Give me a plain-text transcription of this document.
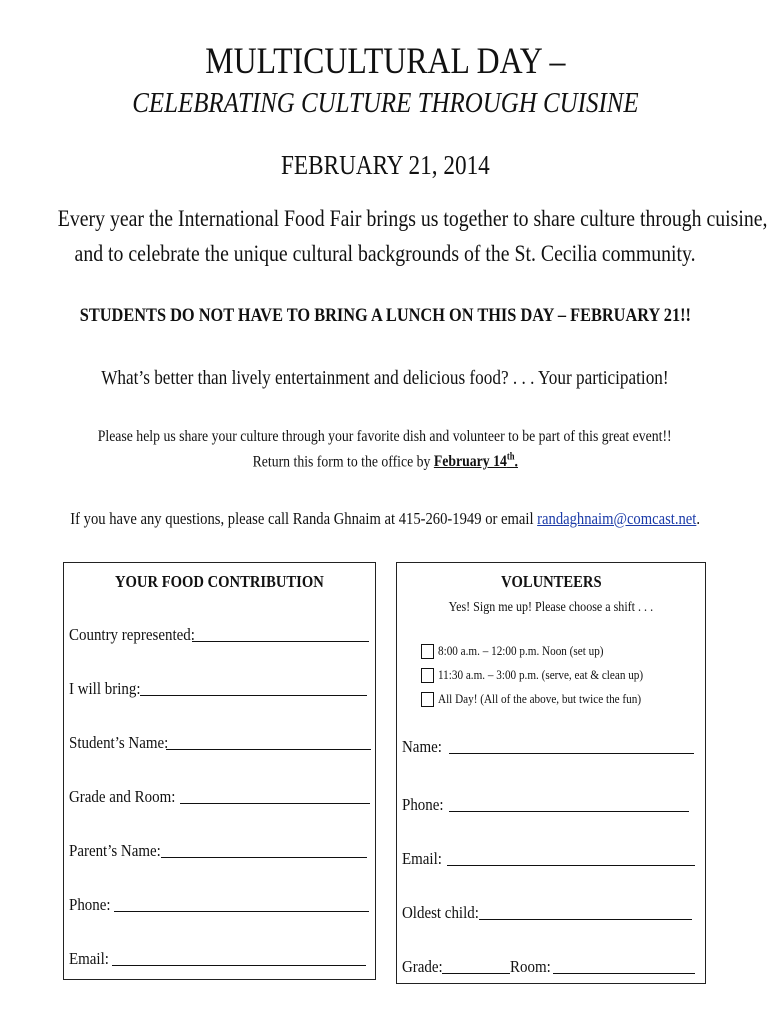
MULTICULTURAL DAY –
CELEBRATING CULTURE THROUGH CUISINE
FEBRUARY 21, 2014
Every year the International Food Fair brings us together to share culture through cuisine,
and to celebrate the unique cultural backgrounds of the St. Cecilia community.
STUDENTS DO NOT HAVE TO BRING A LUNCH ON THIS DAY – FEBRUARY 21!!
What’s better than lively entertainment and delicious food? . . . Your participation!
Please help us share your culture through your favorite dish and volunteer to be part of this great event!!
Return this form to the office by February 14th.
If you have any questions, please call Randa Ghnaim at 415-260-1949 or email randaghnaim@comcast.net.
YOUR FOOD CONTRIBUTION
Country represented:
I will bring:
Student’s Name:
Grade and Room:
Parent’s Name:
Phone:
Email:
VOLUNTEERS
Yes! Sign me up! Please choose a shift . . .
8:00 a.m. – 12:00 p.m. Noon (set up)
11:30 a.m. – 3:00 p.m. (serve, eat & clean up)
All Day! (All of the above, but twice the fun)
Name:
Phone:
Email:
Oldest child:
Grade:	Room:
